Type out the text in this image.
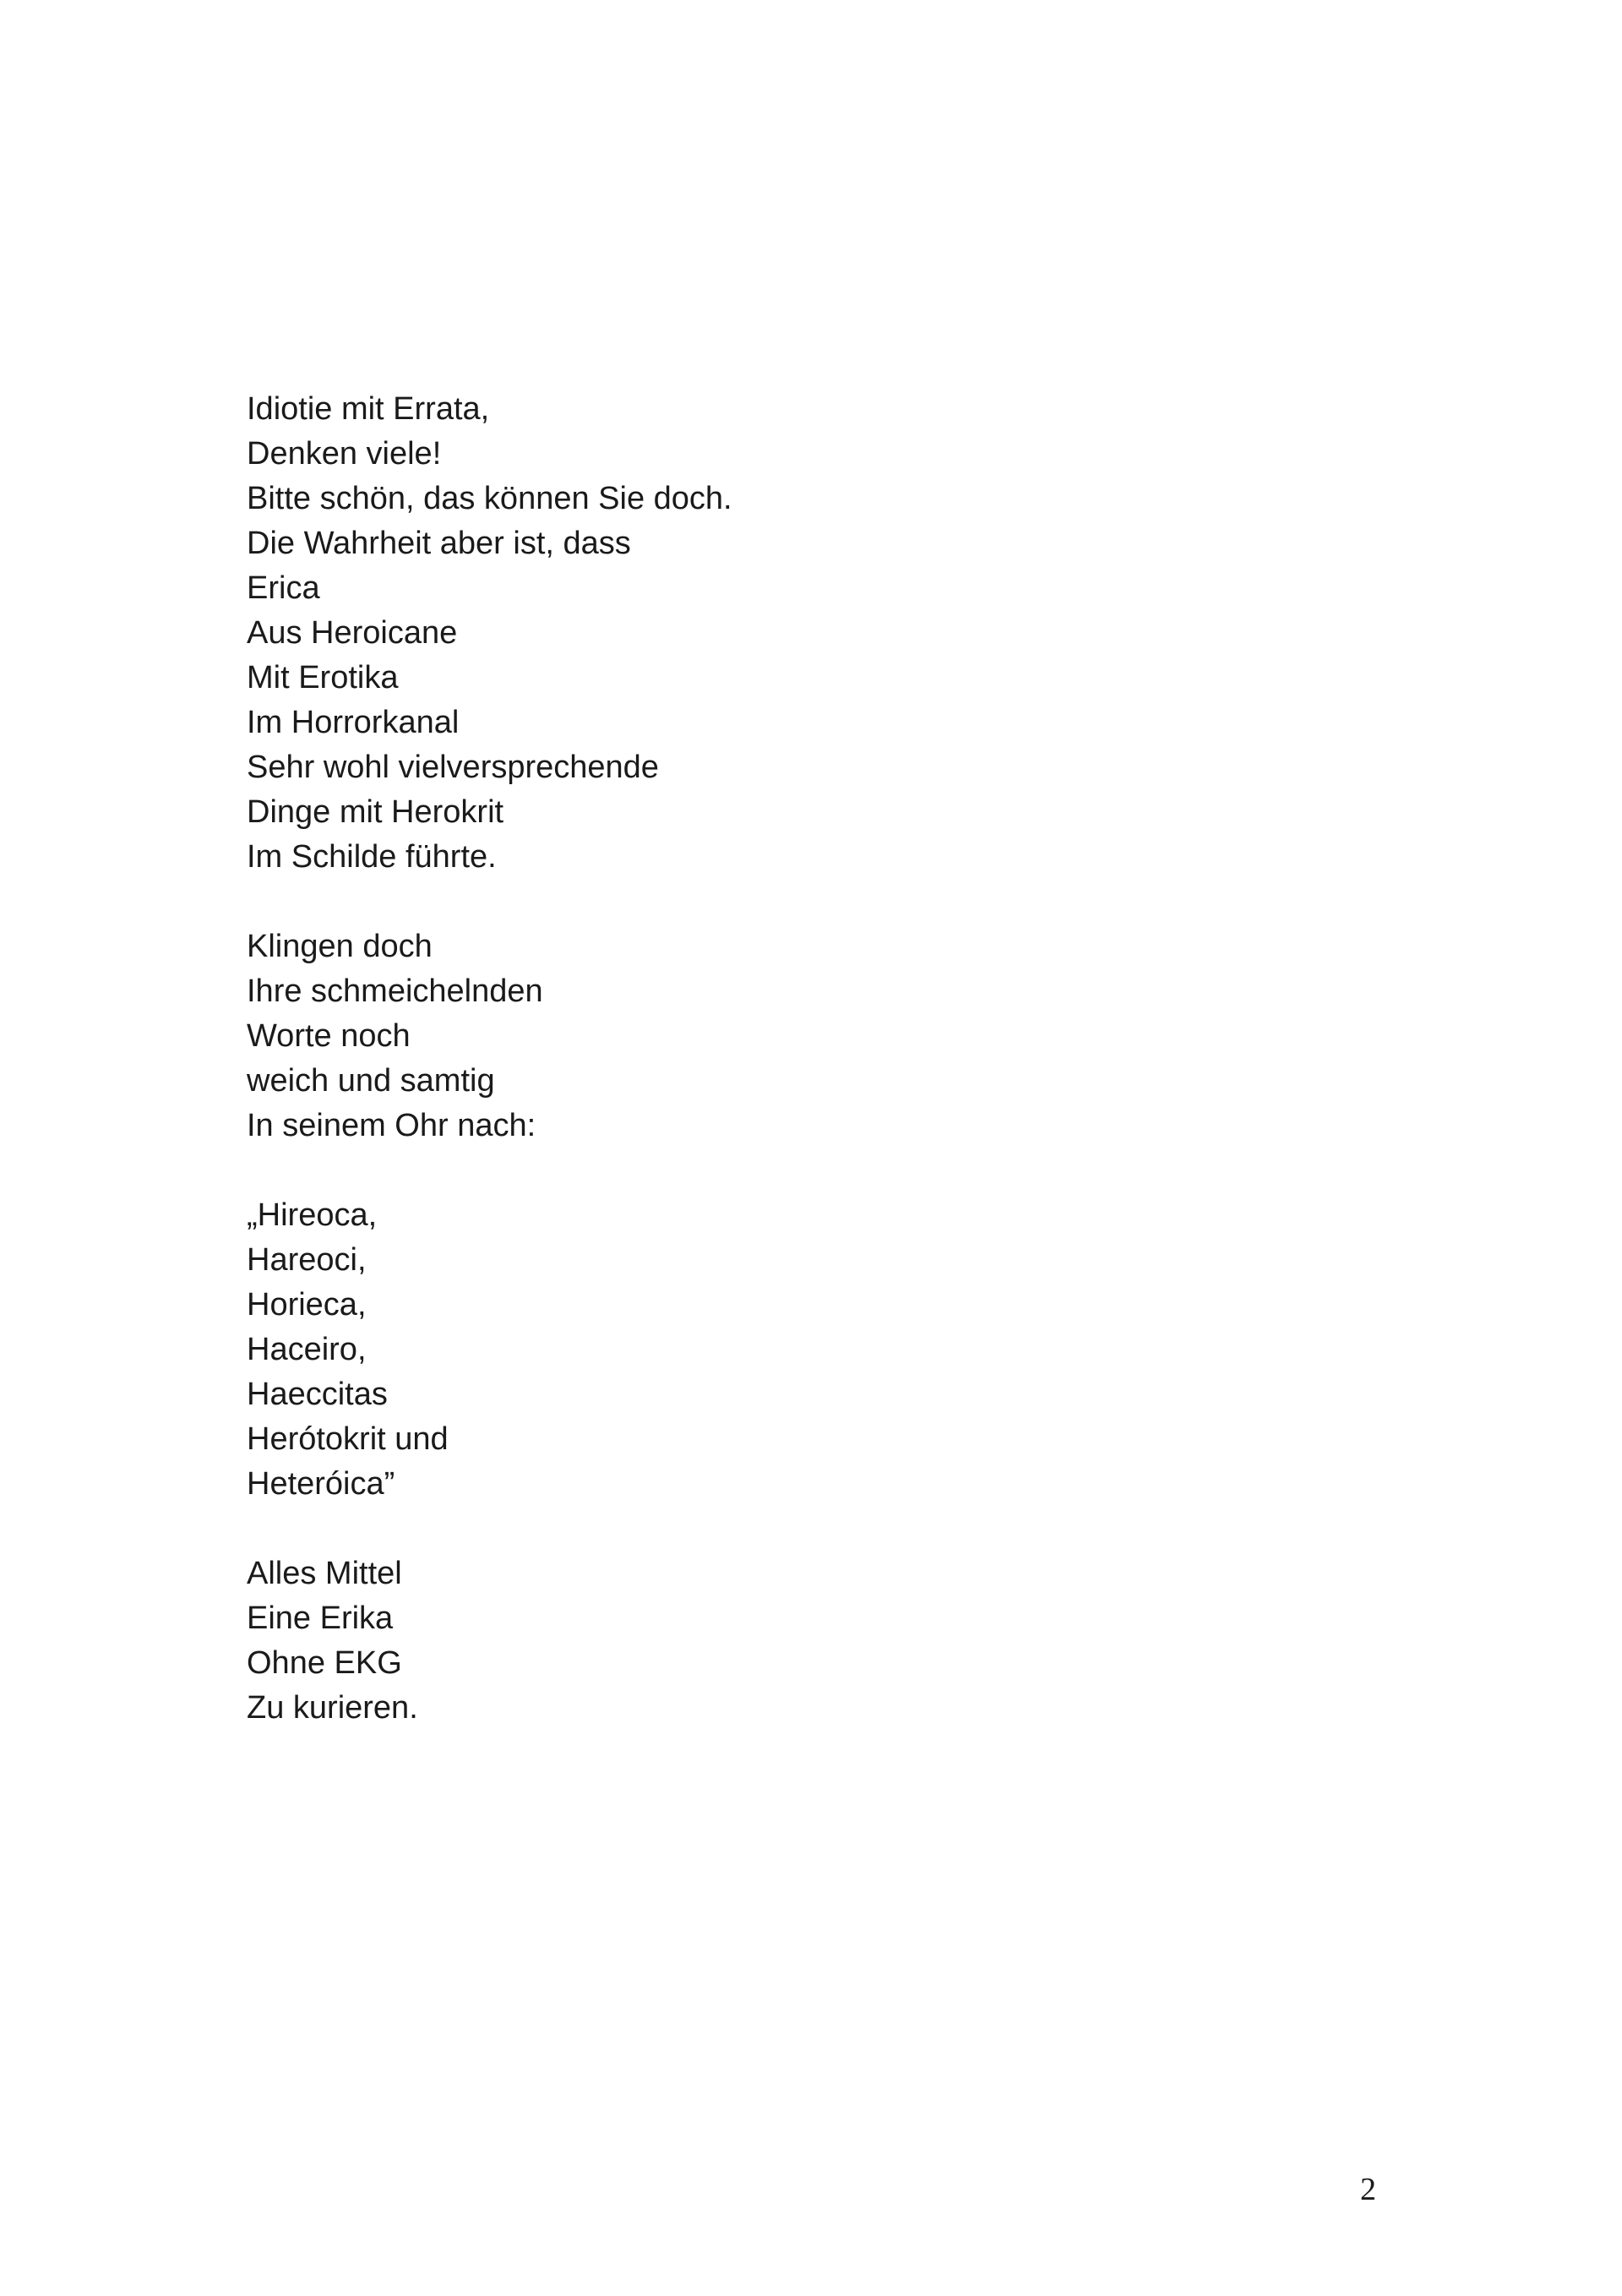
Idiotie mit Errata,
Denken viele!
Bitte schön, das können Sie doch.
Die Wahrheit aber ist, dass
Erica
Aus Heroicane
Mit Erotika
Im Horrorkanal
Sehr wohl vielversprechende
Dinge mit Herokrit
Im Schilde führte.
Klingen doch
Ihre schmeichelnden
Worte noch
weich und samtig
In seinem Ohr nach:
„Hireoca,
Hareoci,
Horieca,
Haceiro,
Haeccitas
Herótokrit und
Heteróica”
Alles Mittel
Eine Erika
Ohne EKG
Zu kurieren.
2
